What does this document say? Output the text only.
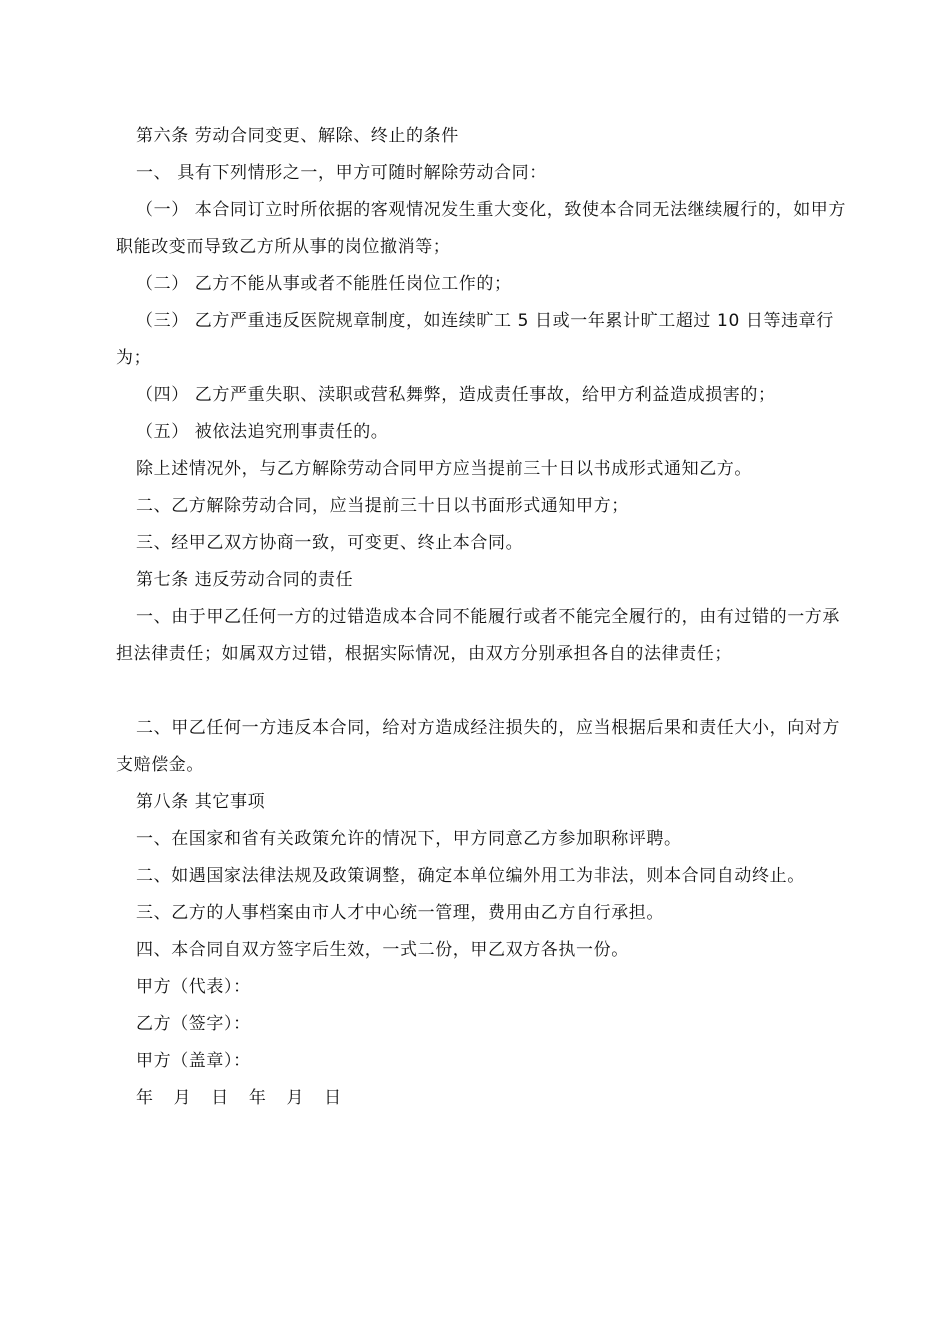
第六条 劳动合同变更、解除、终止的条件

一、 具有下列情形之一，甲方可随时解除劳动合同：

（一） 本合同订立时所依据的客观情况发生重大变化，致使本合同无法继续履行的，如甲方职能改变而导致乙方所从事的岗位撤消等；

（二） 乙方不能从事或者不能胜任岗位工作的；

（三） 乙方严重违反医院规章制度，如连续旷工 5 日或一年累计旷工超过 10 日等违章行为；

（四） 乙方严重失职、渎职或营私舞弊，造成责任事故，给甲方利益造成损害的；

（五） 被依法追究刑事责任的。

除上述情况外，与乙方解除劳动合同甲方应当提前三十日以书成形式通知乙方。

二、乙方解除劳动合同，应当提前三十日以书面形式通知甲方；

三、经甲乙双方协商一致，可变更、终止本合同。

第七条 违反劳动合同的责任

一、由于甲乙任何一方的过错造成本合同不能履行或者不能完全履行的，由有过错的一方承担法律责任；如属双方过错，根据实际情况，由双方分别承担各自的法律责任；

二、甲乙任何一方违反本合同，给对方造成经注损失的，应当根据后果和责任大小，向对方支赔偿金。

第八条 其它事项

一、在国家和省有关政策允许的情况下，甲方同意乙方参加职称评聘。

二、如遇国家法律法规及政策调整，确定本单位编外用工为非法，则本合同自动终止。

三、乙方的人事档案由市人才中心统一管理，费用由乙方自行承担。

四、本合同自双方签字后生效，一式二份，甲乙双方各执一份。

甲方（代表）：

乙方（签字）：

甲方（盖章）：

年 月 日 年 月 日
